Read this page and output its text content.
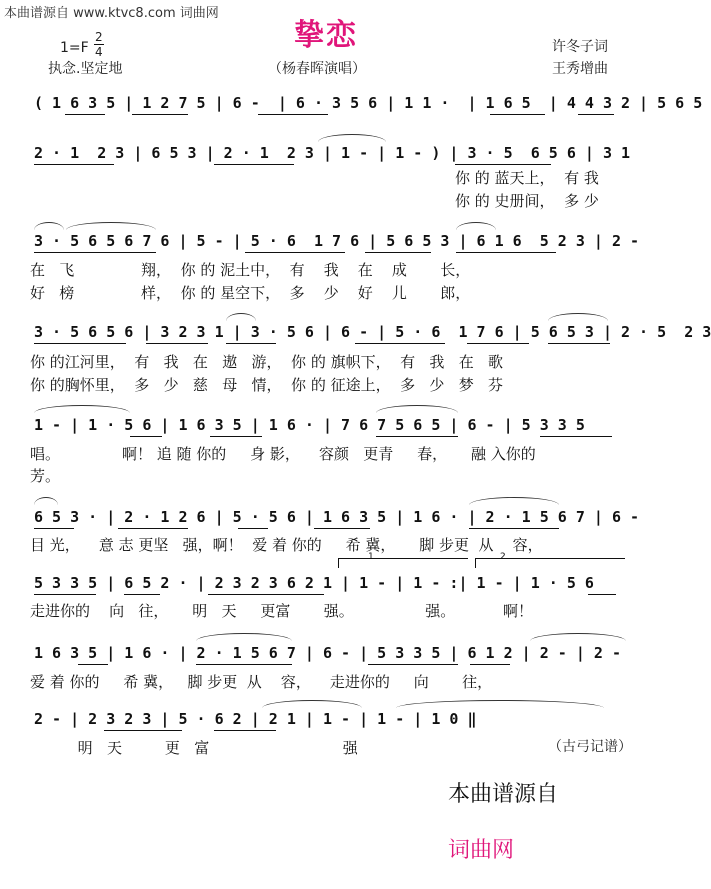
本曲谱源自 www.ktvc8.com 词曲网
挚恋
1=F
2
4
执念.坚定地	（杨春晖演唱）
许冬子词
王秀增曲
( 1 6 3 5 | 1 2 7 5 | 6 -  | 6 · 3 5 6 | 1 1 ·  | 1 6 5  | 4 4 3 2 | 5 6 5
2 · 1  2 3 | 6 5 3 | 2 · 1  2 3 | 1 - | 1 - ) | 3 · 5  6 5 6 | 3 1
你 的 蓝天上，  有 我
你 的 史册间，  多 少
3 · 5 6 5 6 7 6 | 5 - | 5 · 6  1 7 6 | 5 6 5 3 | 6 1 6  5 2 3 | 2 -
在   飞              翔，  你 的 泥土中，  有    我    在    成       长，
好   榜              样，  你 的 星空下，  多    少    好    儿       郎，
3 · 5 6 5 6 | 3 2 3 1 | 3 · 5 6 | 6 - | 5 · 6  1 7 6 | 5 6 5 3 | 2 · 5  2 3
你 的江河里，  有   我   在   遨   游，  你 的 旗帜下，  有   我   在   歌
你 的胸怀里，  多   少   慈   母   情，  你 的 征途上，  多   少   梦   芬
1 - | 1 · 5 6 | 1 6 3 5 | 1 6 · | 7 6 7 5 6 5 | 6 - | 5 3 3 5
唱。             啊！ 追 随 你的     身 影，    容颜   更青     春，     融 入你的
芳。
6 5 3 · | 2 · 1 2 6 | 5 · 5 6 | 1 6 3 5 | 1 6 · | 2 · 1 5 6 7 | 6 -
目 光，    意 志 更坚   强，啊！  爱 着 你的     希 冀，     脚 步更  从    容，
1	2
5 3 3 5 | 6 5 2 · | 2 3 2 3 6 2 1 | 1 - | 1 - :| 1 - | 1 · 5 6
走进你的    向   往，     明   天     更富       强。               强。          啊！
1 6 3 5 | 1 6 · | 2 · 1 5 6 7 | 6 - | 5 3 3 5 | 6 1 2 | 2 - | 2 -
爱 着 你的     希 冀，   脚 步更  从    容，    走进你的     向       往，
2 - | 2 3 2 3 | 5 · 6 2 | 2 1 | 1 - | 1 - | 1 0 ‖
明   天         更   富                            强	（古弓记谱）

本曲谱源自

词曲网
